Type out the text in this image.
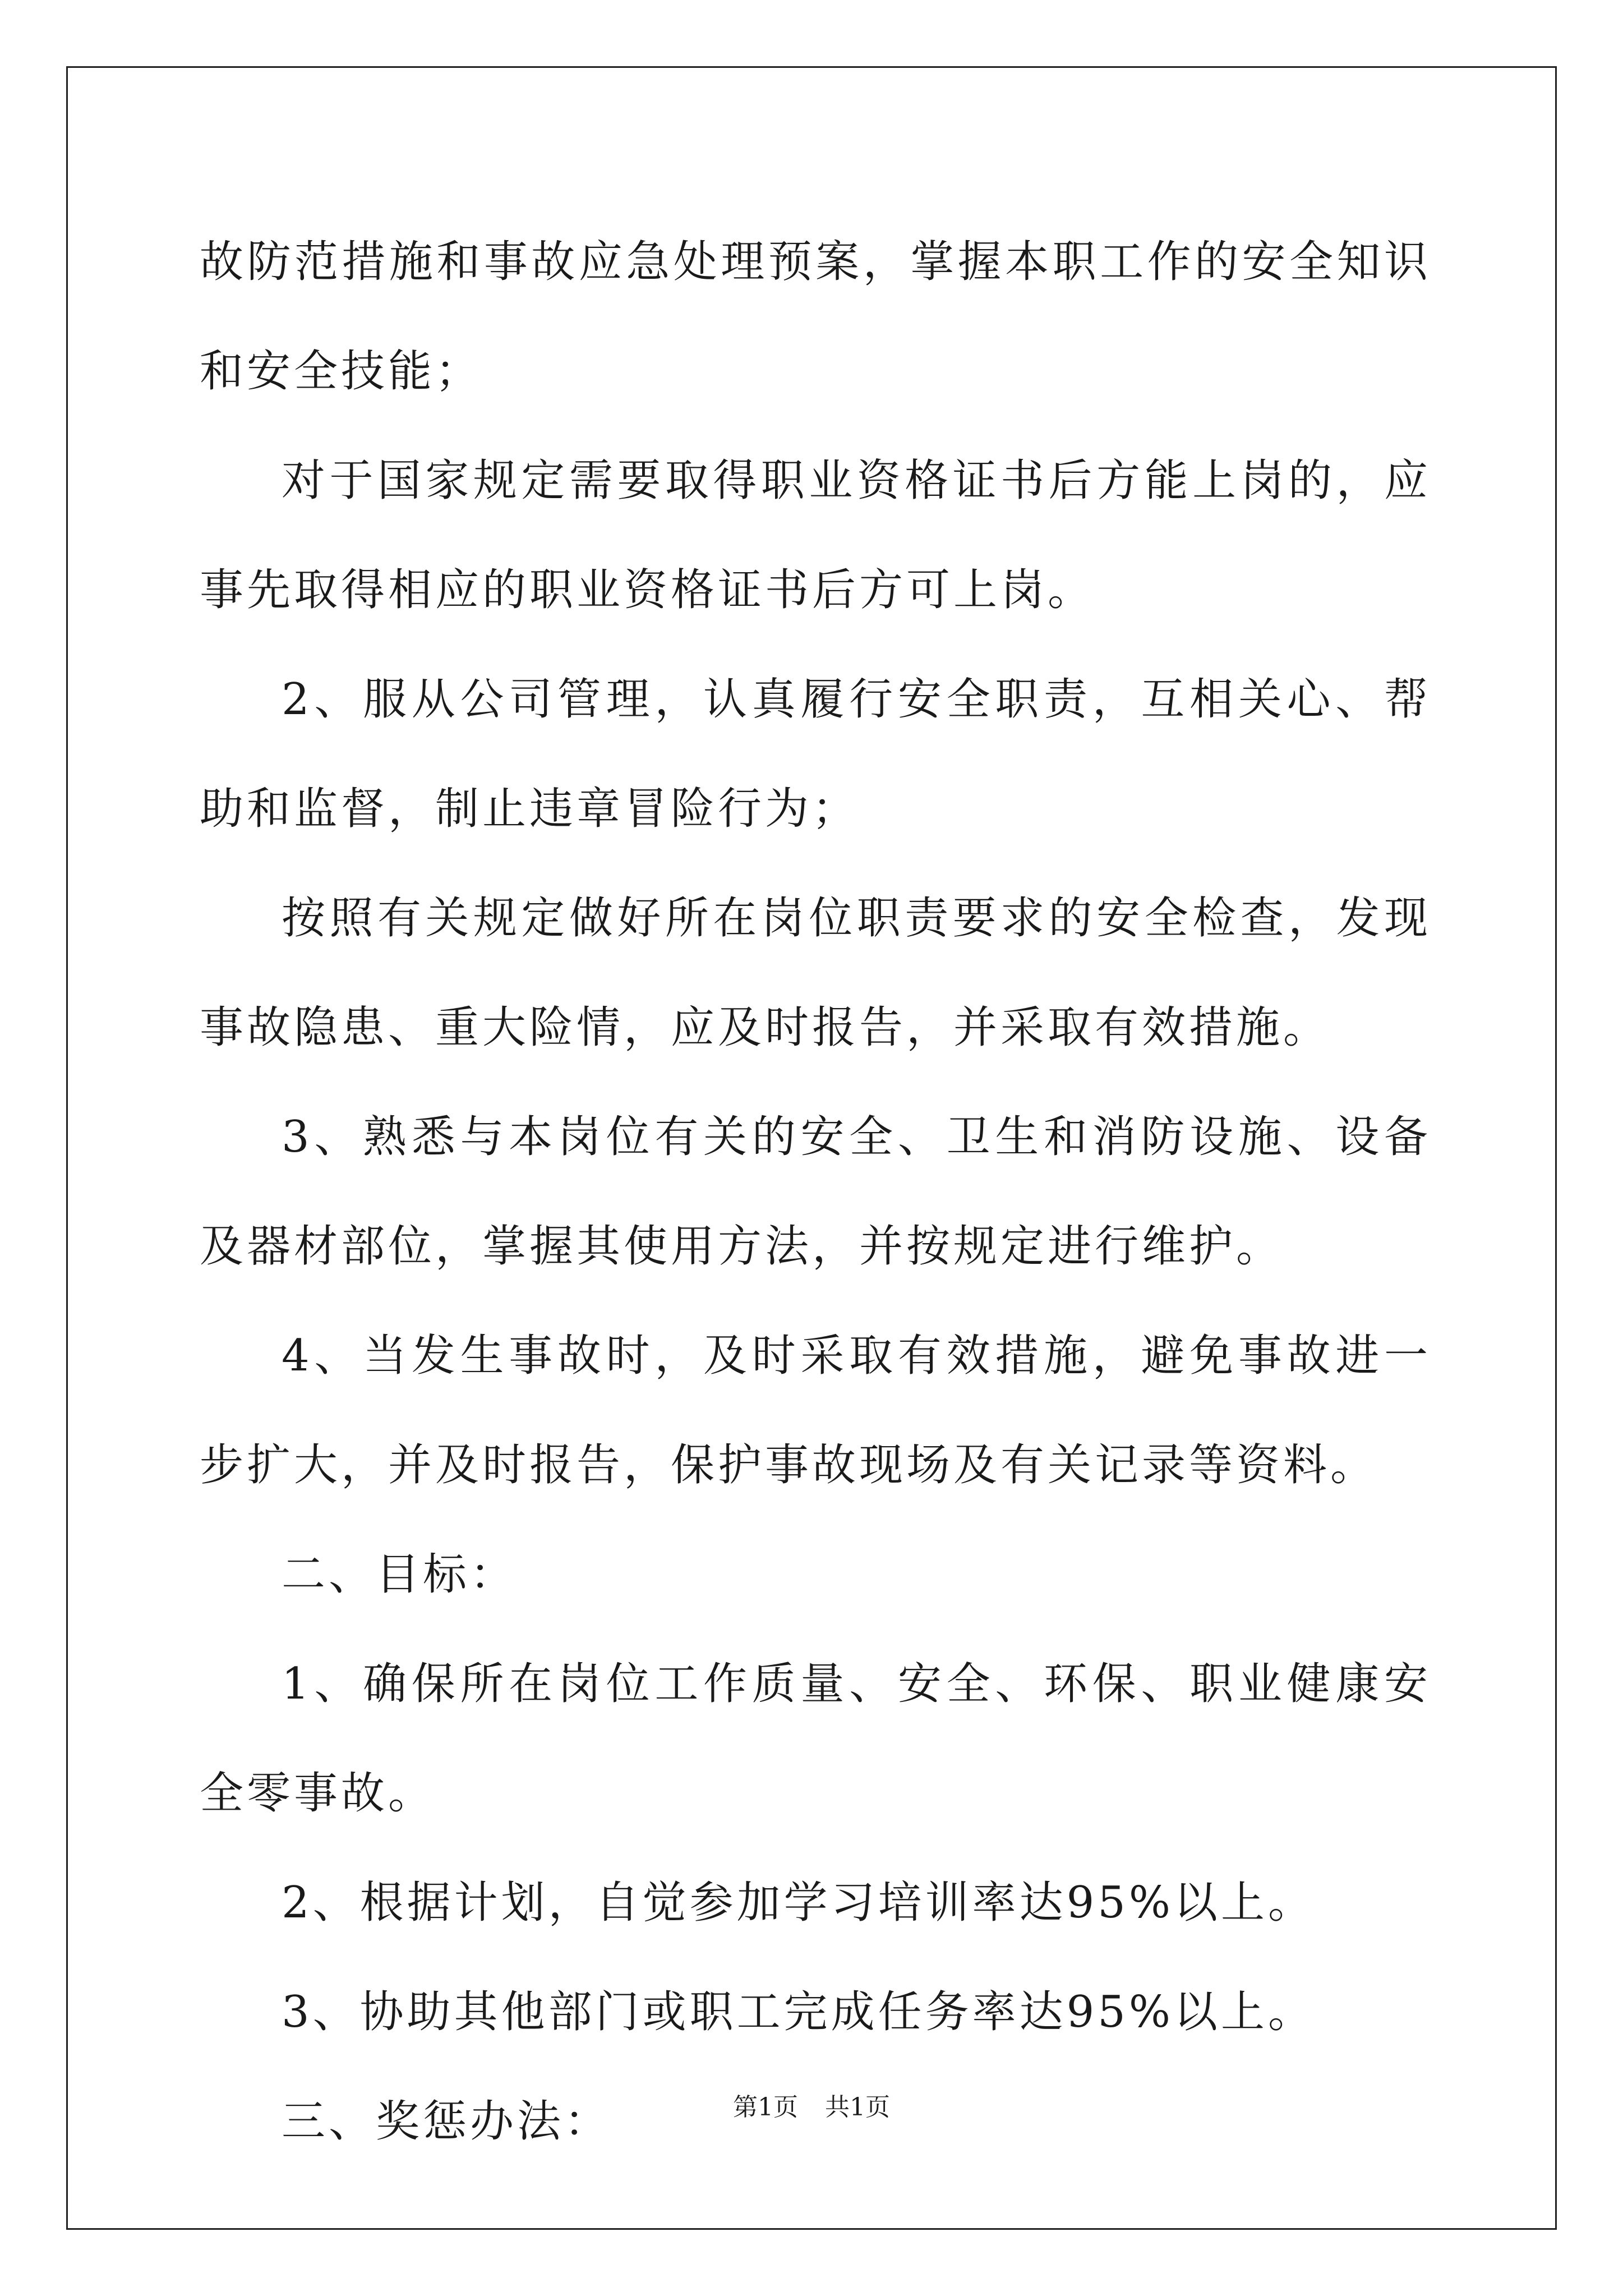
故防范措施和事故应急处理预案，掌握本职工作的安全知识和安全技能；

对于国家规定需要取得职业资格证书后方能上岗的，应事先取得相应的职业资格证书后方可上岗。

2、服从公司管理，认真履行安全职责，互相关心、帮助和监督，制止违章冒险行为；

按照有关规定做好所在岗位职责要求的安全检查，发现事故隐患、重大险情，应及时报告，并采取有效措施。

3、熟悉与本岗位有关的安全、卫生和消防设施、设备及器材部位，掌握其使用方法，并按规定进行维护。

4、当发生事故时，及时采取有效措施，避免事故进一步扩大，并及时报告，保护事故现场及有关记录等资料。

二、目标：

1、确保所在岗位工作质量、安全、环保、职业健康安全零事故。

2、根据计划，自觉参加学习培训率达95%以上。

3、协助其他部门或职工完成任务率达95%以上。

三、奖惩办法：	第1页 共1页
